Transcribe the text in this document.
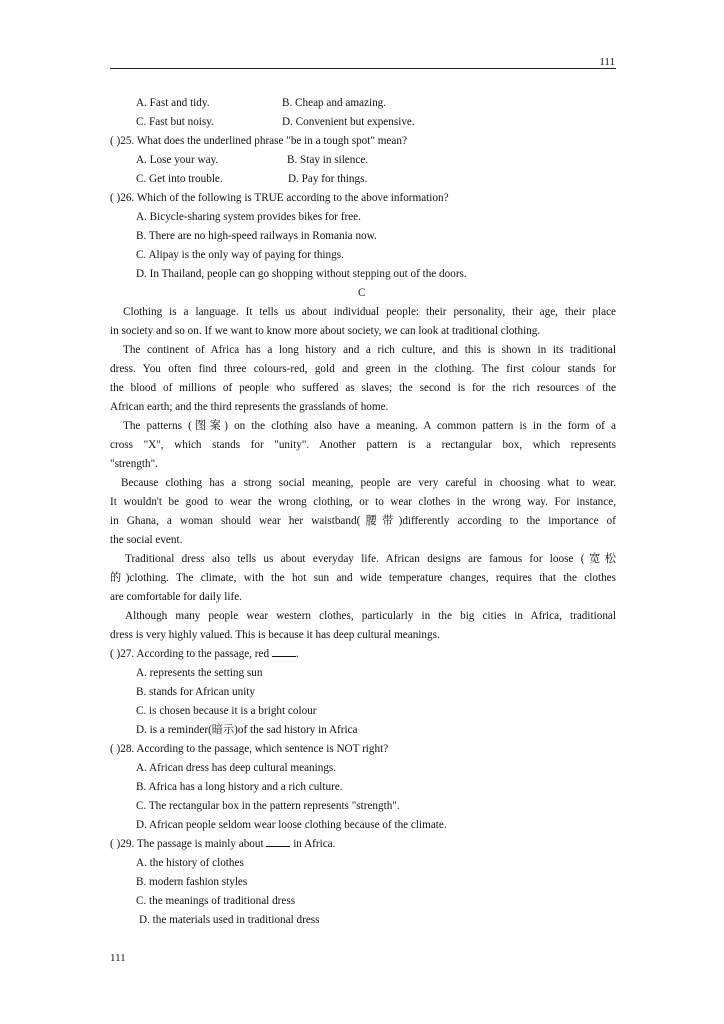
111
A. Fast and tidy.	B. Cheap and amazing.
C. Fast but noisy.	D. Convenient but expensive.
( )25. What does the underlined phrase "be in a tough spot" mean?
A. Lose your way.	B. Stay in silence.
C. Get into trouble.	D. Pay for things.
( )26. Which of the following is TRUE according to the above information?
A. Bicycle-sharing system provides bikes for free.
B. There are no high-speed railways in Romania now.
C. Alipay is the only way of paying for things.
D. In Thailand, people can go shopping without stepping out of the doors.
C
Clothing is a language. It tells us about individual people: their personality, their age, their place
in society and so on. If we want to know more about society, we can look at traditional clothing.
The continent of Africa has a long history and a rich culture, and this is shown in its traditional
dress. You often find three colours-red, gold and green in the clothing. The first colour stands for
the blood of millions of people who suffered as slaves; the second is for the rich resources of the
African earth; and the third represents the grasslands of home.
The patterns (图案) on the clothing also have a meaning. A common pattern is in the form of a
cross "X", which stands for "unity". Another pattern is a rectangular box, which represents
"strength".
Because clothing has a strong social meaning, people are very careful in choosing what to wear.
It wouldn't be good to wear the wrong clothing, or to wear clothes in the wrong way. For instance,
in Ghana, a woman should wear her waistband(腰带)differently according to the importance of
the social event.
Traditional dress also tells us about everyday life. African designs are famous for loose (宽松
的)clothing. The climate, with the hot sun and wide temperature changes, requires that the clothes
are comfortable for daily life.
Although many people wear western clothes, particularly in the big cities in Africa, traditional
dress is very highly valued. This is because it has deep cultural meanings.
( )27. According to the passage, red .
A. represents the setting sun
B. stands for African unity
C. is chosen because it is a bright colour
D. is a reminder(暗示)of the sad history in Africa
( )28. According to the passage, which sentence is NOT right?
A. African dress has deep cultural meanings.
B. Africa has a long history and a rich culture.
C. The rectangular box in the pattern represents "strength".
D. African people seldom wear loose clothing because of the climate.
( )29. The passage is mainly about	in Africa.
A. the history of clothes
B. modern fashion styles
C. the meanings of traditional dress
D. the materials used in traditional dress
111
